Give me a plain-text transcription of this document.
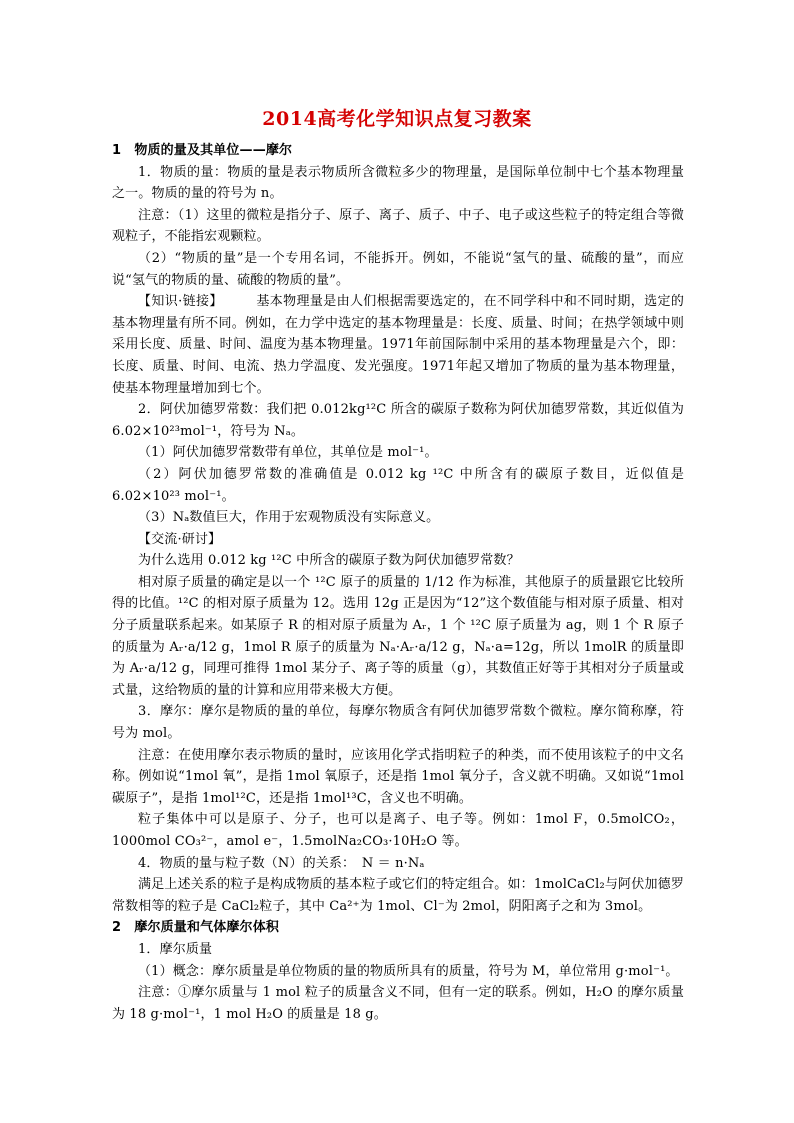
2014高考化学知识点复习教案

1　物质的量及其单位——摩尔

1．物质的量：物质的量是表示物质所含微粒多少的物理量，是国际单位制中七个基本物理量之一。物质的量的符号为 n。

注意：（1）这里的微粒是指分子、原子、离子、质子、中子、电子或这些粒子的特定组合等微观粒子，不能指宏观颗粒。

（2）“物质的量”是一个专用名词，不能拆开。例如，不能说“氢气的量、硫酸的量”，而应说“氢气的物质的量、硫酸的物质的量”。

【知识·链接】　　　基本物理量是由人们根据需要选定的，在不同学科中和不同时期，选定的基本物理量有所不同。例如，在力学中选定的基本物理量是：长度、质量、时间；在热学领域中则采用长度、质量、时间、温度为基本物理量。1971年前国际制中采用的基本物理量是六个，即：长度、质量、时间、电流、热力学温度、发光强度。1971年起又增加了物质的量为基本物理量，使基本物理量增加到七个。

2．阿伏加德罗常数：我们把 0.012kg¹²C 所含的碳原子数称为阿伏加德罗常数，其近似值为 6.02×10²³mol⁻¹，符号为 Nₐ。

（1）阿伏加德罗常数带有单位，其单位是 mol⁻¹。

（2）阿伏加德罗常数的准确值是 0.012 kg ¹²C 中所含有的碳原子数目，近似值是 6.02×10²³ mol⁻¹。

（3）Nₐ数值巨大，作用于宏观物质没有实际意义。

【交流·研讨】

为什么选用 0.012 kg ¹²C 中所含的碳原子数为阿伏加德罗常数？

相对原子质量的确定是以一个 ¹²C 原子的质量的 1/12 作为标准，其他原子的质量跟它比较所得的比值。¹²C 的相对原子质量为 12。选用 12g 正是因为“12”这个数值能与相对原子质量、相对分子质量联系起来。如某原子 R 的相对原子质量为 Aᵣ，1 个 ¹²C 原子质量为 ag，则 1 个 R 原子的质量为 Aᵣ·a/12 g，1mol R 原子的质量为 Nₐ·Aᵣ·a/12 g，Nₐ·a=12g，所以 1molR 的质量即为 Aᵣ·a/12 g，同理可推得 1mol 某分子、离子等的质量（g），其数值正好等于其相对分子质量或式量，这给物质的量的计算和应用带来极大方便。

3．摩尔：摩尔是物质的量的单位，每摩尔物质含有阿伏加德罗常数个微粒。摩尔简称摩，符号为 mol。

注意：在使用摩尔表示物质的量时，应该用化学式指明粒子的种类，而不使用该粒子的中文名称。例如说“1mol 氧”，是指 1mol 氧原子，还是指 1mol 氧分子，含义就不明确。又如说“1mol 碳原子”，是指 1mol¹²C，还是指 1mol¹³C，含义也不明确。

粒子集体中可以是原子、分子，也可以是离子、电子等。例如：1mol F，0.5molCO₂，1000mol CO₃²⁻，amol e⁻，1.5molNa₂CO₃·10H₂O 等。

4．物质的量与粒子数（N）的关系：　N ＝ n·Nₐ

满足上述关系的粒子是构成物质的基本粒子或它们的特定组合。如：1molCaCl₂与阿伏加德罗常数相等的粒子是 CaCl₂粒子，其中 Ca²⁺为 1mol、Cl⁻为 2mol，阴阳离子之和为 3mol。

2　摩尔质量和气体摩尔体积

1．摩尔质量

（1）概念：摩尔质量是单位物质的量的物质所具有的质量，符号为 M，单位常用 g·mol⁻¹。

注意：①摩尔质量与 1 mol 粒子的质量含义不同，但有一定的联系。例如，H₂O 的摩尔质量为 18 g·mol⁻¹，1 mol H₂O 的质量是 18 g。
